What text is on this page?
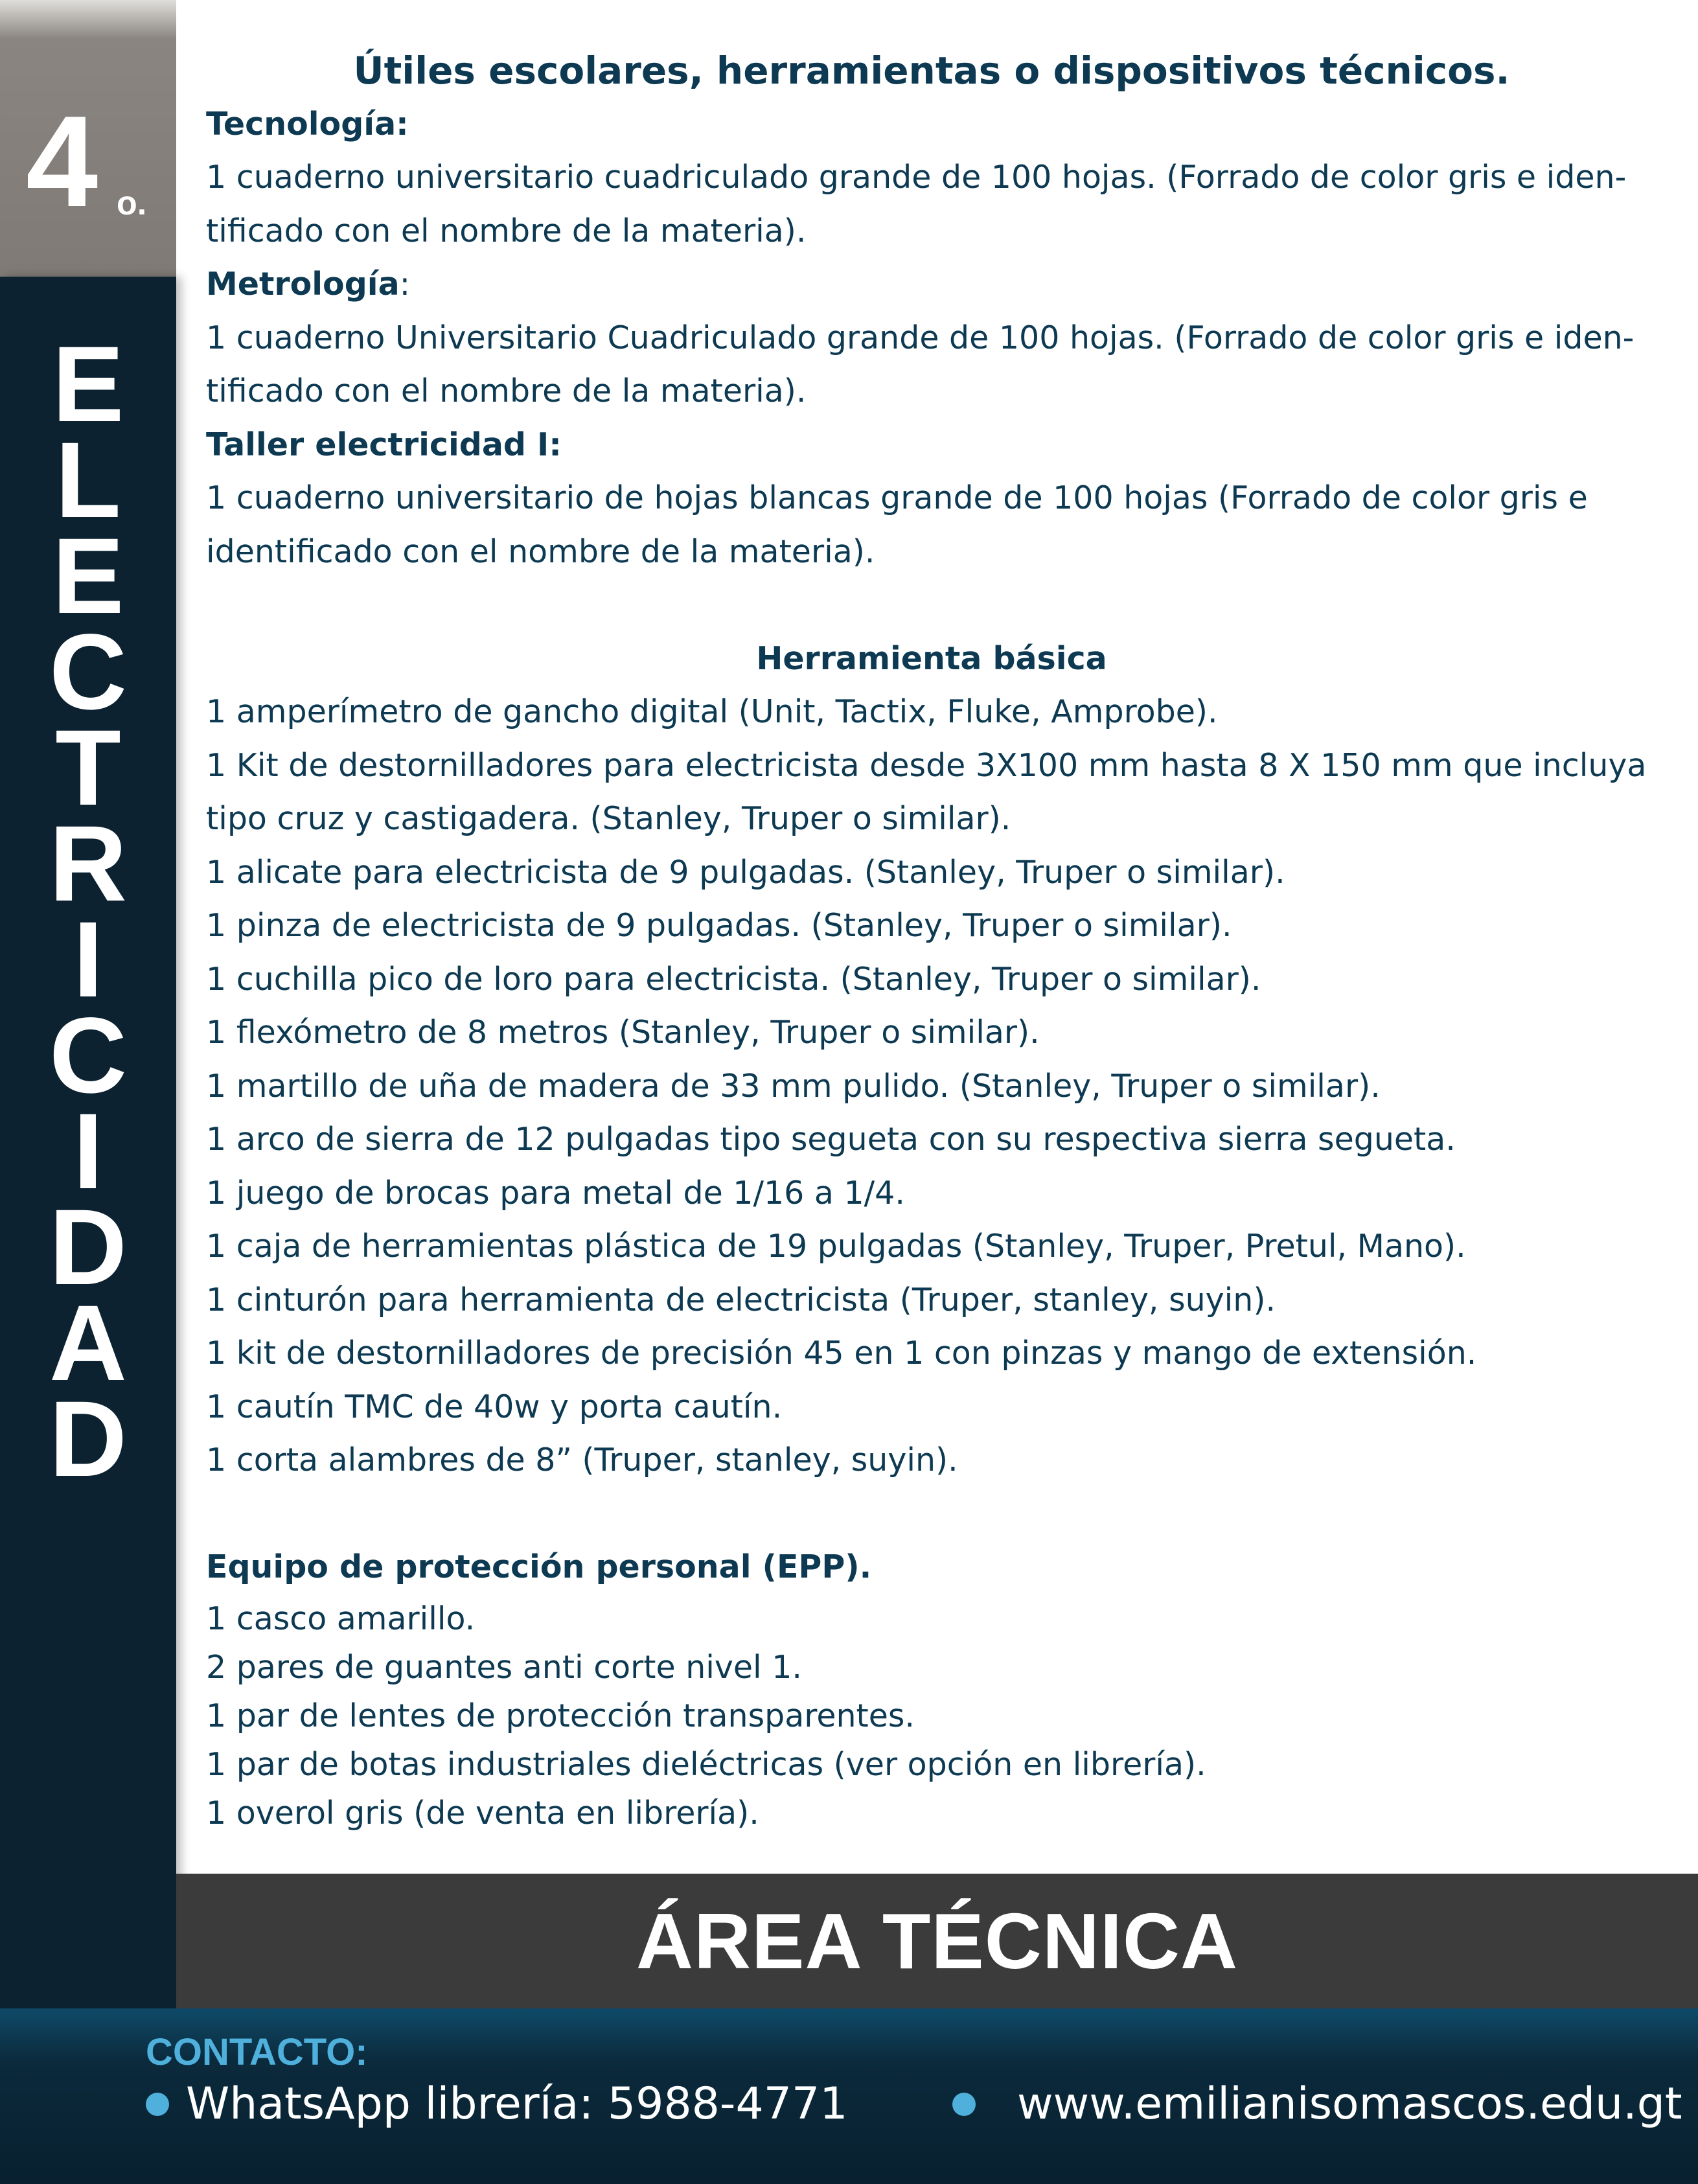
4 o.
E
L
E
C
T
R
I
C
I
D
A
D
Útiles escolares, herramientas o dispositivos técnicos.
Tecnología:
1 cuaderno universitario cuadriculado grande de 100 hojas. (Forrado de color gris e iden-
tificado con el nombre de la materia).
Metrología:
1 cuaderno Universitario Cuadriculado grande de 100 hojas. (Forrado de color gris e iden-
tificado con el nombre de la materia).
Taller electricidad I:
1 cuaderno universitario de hojas blancas grande de 100 hojas (Forrado de color gris e
identificado con el nombre de la materia).
Herramienta básica
1 amperímetro de gancho digital (Unit, Tactix, Fluke, Amprobe).
1 Kit de destornilladores para electricista desde 3X100 mm hasta 8 X 150 mm que incluya
tipo cruz y castigadera. (Stanley, Truper o similar).
1 alicate para electricista de 9 pulgadas. (Stanley, Truper o similar).
1 pinza de electricista de 9 pulgadas. (Stanley, Truper o similar).
1 cuchilla pico de loro para electricista. (Stanley, Truper o similar).
1 flexómetro de 8 metros (Stanley, Truper o similar).
1 martillo de uña de madera de 33 mm pulido. (Stanley, Truper o similar).
1 arco de sierra de 12 pulgadas tipo segueta con su respectiva sierra segueta.
1 juego de brocas para metal de 1/16 a 1/4.
1 caja de herramientas plástica de 19 pulgadas (Stanley, Truper, Pretul, Mano).
1 cinturón para herramienta de electricista (Truper, stanley, suyin).
1 kit de destornilladores de precisión 45 en 1 con pinzas y mango de extensión.
1 cautín TMC de 40w y porta cautín.
1 corta alambres de 8” (Truper, stanley, suyin).
Equipo de protección personal (EPP).
1 casco amarillo.
2 pares de guantes anti corte nivel 1.
1 par de lentes de protección transparentes.
1 par de botas industriales dieléctricas (ver opción en librería).
1 overol gris (de venta en librería).
ÁREA TÉCNICA
CONTACTO:
WhatsApp librería: 5988-4771	www.emilianisomascos.edu.gt
